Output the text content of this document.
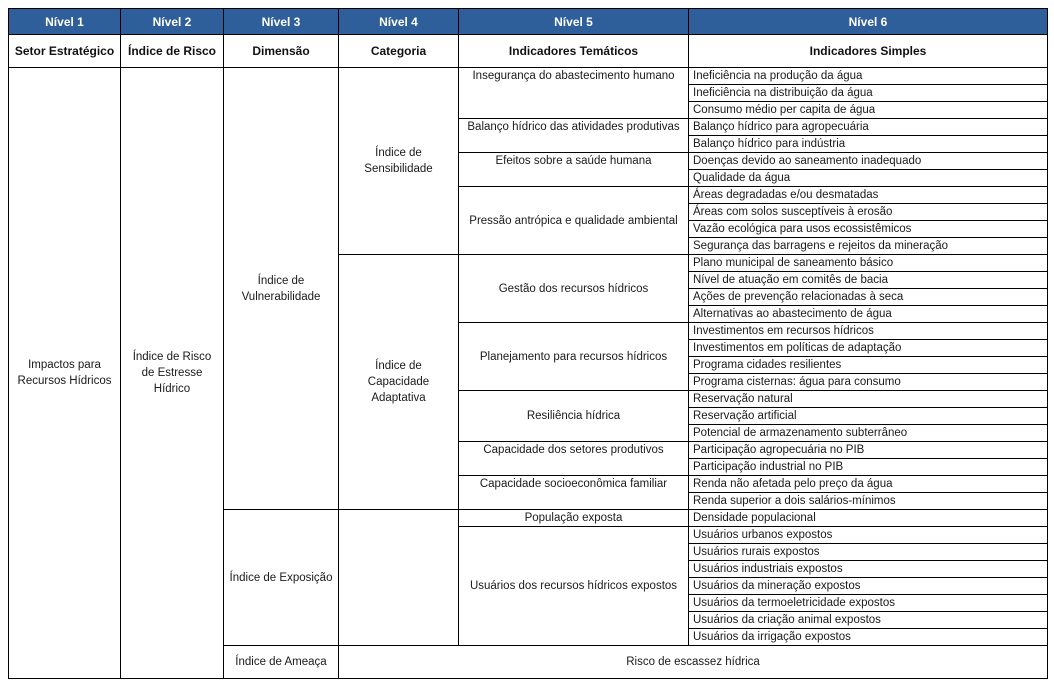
Nível 1	Nível 2	Nível 3	Nível 4	Nível 5	Nível 6
Setor Estratégico	Índice de Risco	Dimensão	Categoria	Indicadores Temáticos	Indicadores Simples
Impactos para Recursos Hídricos	Índice de Risco de Estresse Hídrico	Índice de Vulnerabilidade	Índice de Sensibilidade	Insegurança do abastecimento humano	Ineficiência na produção da água
					Ineficiência na distribuição da água
					Consumo médio per capita de água
				Balanço hídrico das atividades produtivas	Balanço hídrico para agropecuária
					Balanço hídrico para indústria
				Efeitos sobre a saúde humana	Doenças devido ao saneamento inadequado
					Qualidade da água
				Pressão antrópica e qualidade ambiental	Áreas degradadas e/ou desmatadas
					Áreas com solos susceptíveis à erosão
					Vazão ecológica para usos ecossistêmicos
					Segurança das barragens e rejeitos da mineração
			Índice de Capacidade Adaptativa	Gestão dos recursos hídricos	Plano municipal de saneamento básico
					Nível de atuação em comitês de bacia
					Ações de prevenção relacionadas à seca
					Alternativas ao abastecimento de água
				Planejamento para recursos hídricos	Investimentos em recursos hídricos
					Investimentos em políticas de adaptação
					Programa cidades resilientes
					Programa cisternas: água para consumo
				Resiliência hídrica	Reservação natural
					Reservação artificial
					Potencial de armazenamento subterrâneo
				Capacidade dos setores produtivos	Participação agropecuária no PIB
					Participação industrial no PIB
				Capacidade socioeconômica familiar	Renda não afetada pelo preço da água
					Renda superior a dois salários-mínimos
		Índice de Exposição		População exposta	Densidade populacional
				Usuários dos recursos hídricos expostos	Usuários urbanos expostos
					Usuários rurais expostos
					Usuários industriais expostos
					Usuários da mineração expostos
					Usuários da termoeletricidade expostos
					Usuários da criação animal expostos
					Usuários da irrigação expostos
		Índice de Ameaça	Risco de escassez hídrica		
